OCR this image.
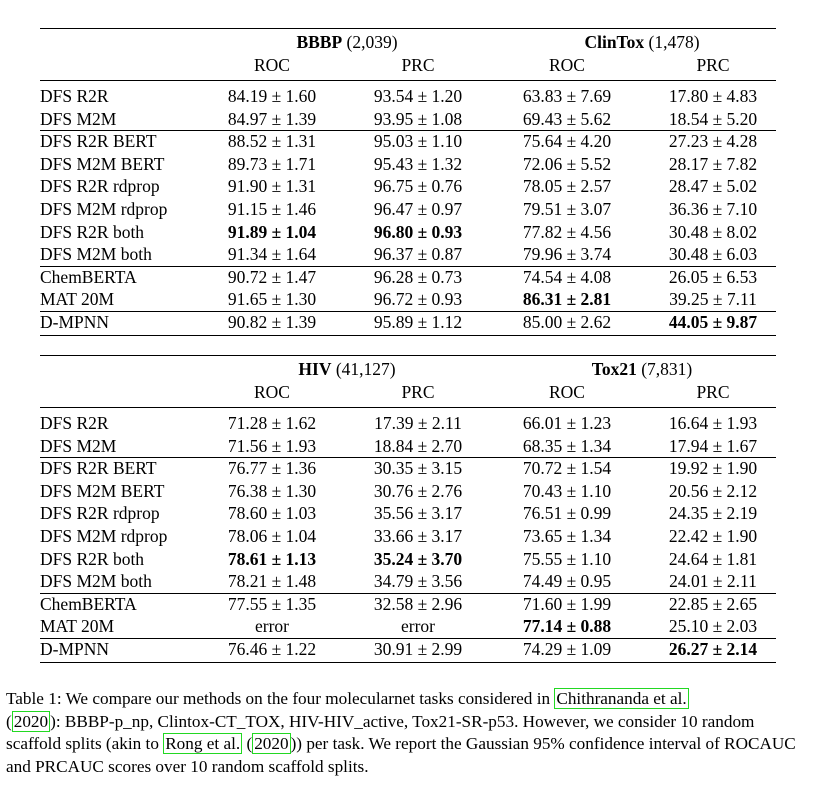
BBBP (2,039)	ClinTox (1,478)
ROC	PRC	ROC	PRC
DFS R2R	84.19 ± 1.60	93.54 ± 1.20	63.83 ± 7.69	17.80 ± 4.83
DFS M2M	84.97 ± 1.39	93.95 ± 1.08	69.43 ± 5.62	18.54 ± 5.20
DFS R2R BERT	88.52 ± 1.31	95.03 ± 1.10	75.64 ± 4.20	27.23 ± 4.28
DFS M2M BERT	89.73 ± 1.71	95.43 ± 1.32	72.06 ± 5.52	28.17 ± 7.82
DFS R2R rdprop	91.90 ± 1.31	96.75 ± 0.76	78.05 ± 2.57	28.47 ± 5.02
DFS M2M rdprop	91.15 ± 1.46	96.47 ± 0.97	79.51 ± 3.07	36.36 ± 7.10
DFS R2R both	91.89 ± 1.04	96.80 ± 0.93	77.82 ± 4.56	30.48 ± 8.02
DFS M2M both	91.34 ± 1.64	96.37 ± 0.87	79.96 ± 3.74	30.48 ± 6.03
ChemBERTA	90.72 ± 1.47	96.28 ± 0.73	74.54 ± 4.08	26.05 ± 6.53
MAT 20M	91.65 ± 1.30	96.72 ± 0.93	86.31 ± 2.81	39.25 ± 7.11
D-MPNN	90.82 ± 1.39	95.89 ± 1.12	85.00 ± 2.62	44.05 ± 9.87
HIV (41,127)	Tox21 (7,831)
ROC	PRC	ROC	PRC
DFS R2R	71.28 ± 1.62	17.39 ± 2.11	66.01 ± 1.23	16.64 ± 1.93
DFS M2M	71.56 ± 1.93	18.84 ± 2.70	68.35 ± 1.34	17.94 ± 1.67
DFS R2R BERT	76.77 ± 1.36	30.35 ± 3.15	70.72 ± 1.54	19.92 ± 1.90
DFS M2M BERT	76.38 ± 1.30	30.76 ± 2.76	70.43 ± 1.10	20.56 ± 2.12
DFS R2R rdprop	78.60 ± 1.03	35.56 ± 3.17	76.51 ± 0.99	24.35 ± 2.19
DFS M2M rdprop	78.06 ± 1.04	33.66 ± 3.17	73.65 ± 1.34	22.42 ± 1.90
DFS R2R both	78.61 ± 1.13	35.24 ± 3.70	75.55 ± 1.10	24.64 ± 1.81
DFS M2M both	78.21 ± 1.48	34.79 ± 3.56	74.49 ± 0.95	24.01 ± 2.11
ChemBERTA	77.55 ± 1.35	32.58 ± 2.96	71.60 ± 1.99	22.85 ± 2.65
MAT 20M	error	error	77.14 ± 0.88	25.10 ± 2.03
D-MPNN	76.46 ± 1.22	30.91 ± 2.99	74.29 ± 1.09	26.27 ± 2.14
Table 1: We compare our methods on the four molecularnet tasks considered in Chithrananda et al.
( 2020 ): BBBP-p_np, Clintox-CT_TOX, HIV-HIV_active, Tox21-SR-p53. However, we consider 10 random scaffold splits (akin to Rong et al. ( 2020 )) per task. We report the Gaussian 95% confidence interval of ROCAUC and PRCAUC scores over 10 random scaffold splits.
